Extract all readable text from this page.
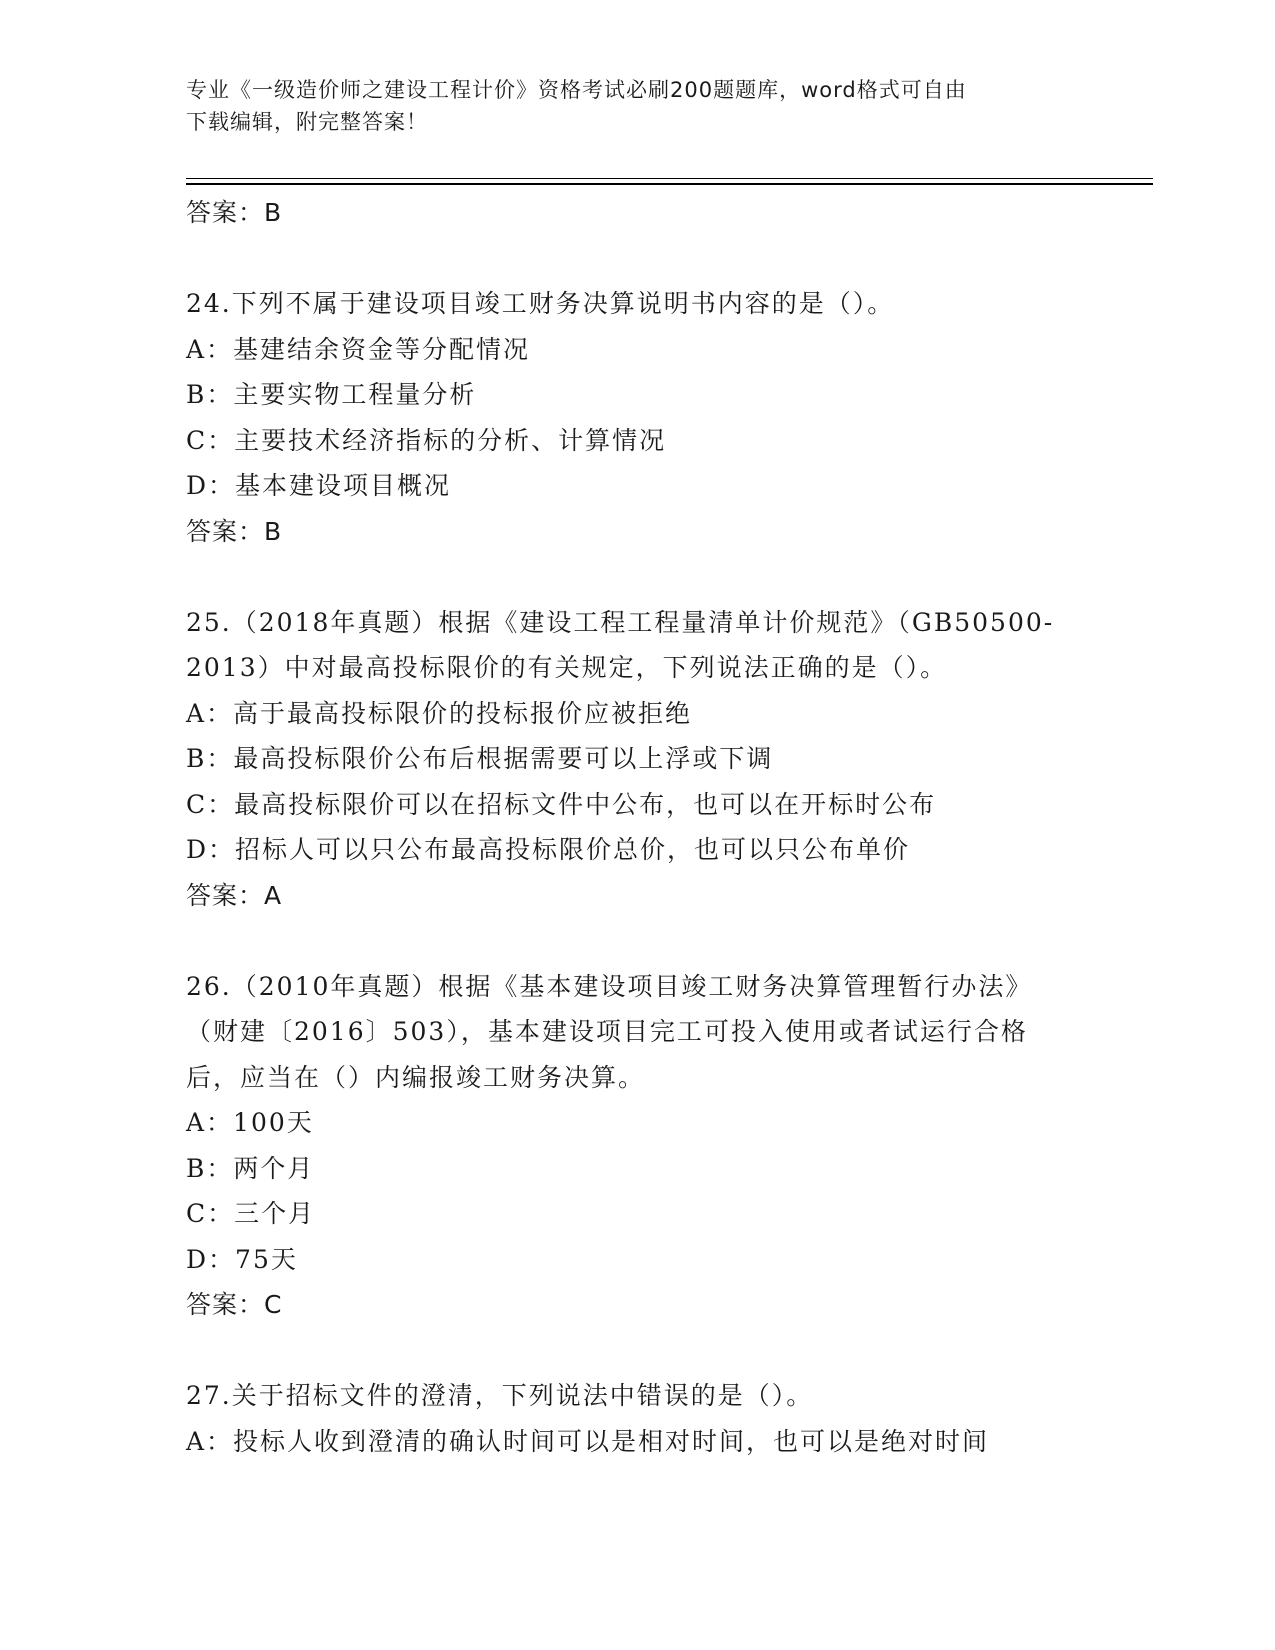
专业《一级造价师之建设工程计价》资格考试必刷200题题库，word格式可自由
下载编辑，附完整答案！
答案：B
24.下列不属于建设项目竣工财务决算说明书内容的是（）。
A：基建结余资金等分配情况
B：主要实物工程量分析
C：主要技术经济指标的分析、计算情况
D：基本建设项目概况
答案：B
25.（2018年真题）根据《建设工程工程量清单计价规范》（GB50500-
2013）中对最高投标限价的有关规定，下列说法正确的是（）。
A：高于最高投标限价的投标报价应被拒绝
B：最高投标限价公布后根据需要可以上浮或下调
C：最高投标限价可以在招标文件中公布，也可以在开标时公布
D：招标人可以只公布最高投标限价总价，也可以只公布单价
答案：A
26.（2010年真题）根据《基本建设项目竣工财务决算管理暂行办法》
（财建〔2016〕503），基本建设项目完工可投入使用或者试运行合格
后，应当在（）内编报竣工财务决算。
A：100天
B：两个月
C：三个月
D：75天
答案：C
27.关于招标文件的澄清，下列说法中错误的是（）。
A：投标人收到澄清的确认时间可以是相对时间，也可以是绝对时间
